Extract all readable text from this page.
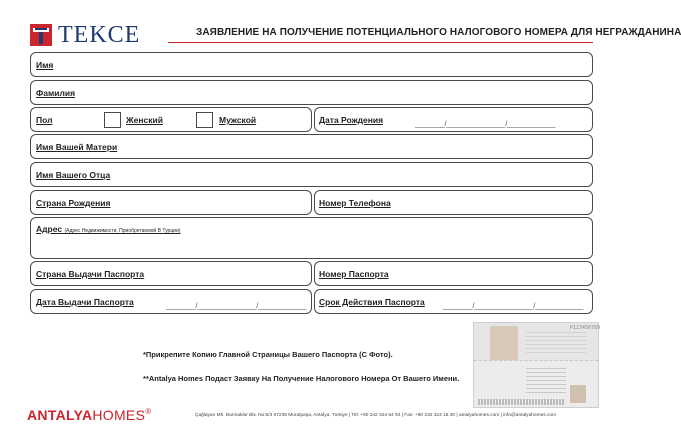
TEKCE	ЗАЯВЛЕНИЕ НА ПОЛУЧЕНИЕ ПОТЕНЦИАЛЬНОГО НАЛОГОВОГО НОМЕРА ДЛЯ НЕГРАЖДАНИНА
Имя
Фамилия
Пол	Женский	Мужской	Дата Рождения	________/________________/_____________
Имя Вашей Матери
Имя Вашего Отца
Страна Рождения	Номер Телефона
Адрес (Адрес Недвижимости, Приобретаемой В Турции)
Страна Выдачи Паспорта	Номер Паспорта
Дата Выдачи Паспорта	________/________________/_____________ Срок Действия Паспорта	________/________________/_____________
*Прикрепите Копию Главной Страницы Вашего Паспорта (С Фото).
**Antalya Homes Подаст Заявку На Получение Налогового Номера От Вашего Имени.
P123456789
ANTALYAHOMES®	Çağlayan Mh. Barınaklar Blv. No:5/3 07235 Muratpaşa, Antalya, Türkiye | Tel: +90 242 324 54 94 | Fax: +90 242 324 18 30 | antalyahomes.com | info@antalyahomes.com
